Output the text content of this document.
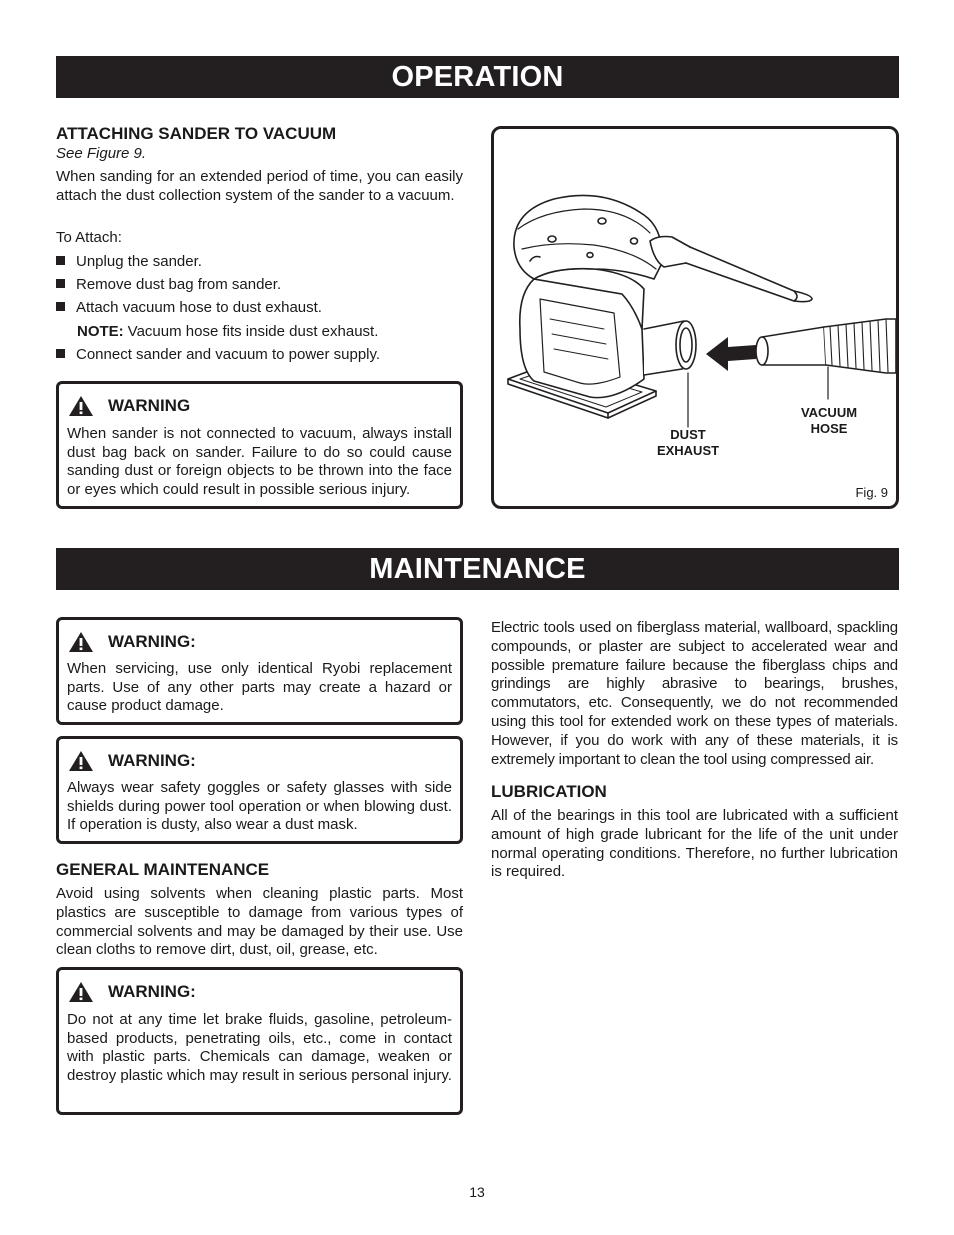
OPERATION
ATTACHING SANDER TO VACUUM
See Figure 9.
When sanding for an extended period of time, you can easily attach the dust collection system of the sander to a vacuum.
To Attach:
Unplug the sander.
Remove dust bag from sander.
Attach vacuum hose to dust exhaust.
NOTE: Vacuum hose fits inside dust exhaust.
Connect sander and vacuum to power supply.
WARNING
When sander is not connected to vacuum, always install dust bag back on sander. Failure to do so could cause sanding dust or foreign objects to be thrown into the face or eyes which could result in possible serious injury.
VACUUM
HOSE
DUST
EXHAUST
Fig. 9
MAINTENANCE
WARNING:
When servicing, use only identical Ryobi replacement parts. Use of any other parts may create a hazard or cause product damage.
WARNING:
Always wear safety goggles or safety glasses with side shields during power tool operation or when blowing dust. If operation is dusty, also wear a dust mask.
GENERAL MAINTENANCE
Avoid using solvents when cleaning plastic parts. Most plastics are susceptible to damage from various types of commercial solvents and may be damaged by their use. Use clean cloths to remove dirt, dust, oil, grease, etc.
WARNING:
Do not at any time let brake fluids, gasoline, petroleum-based products, penetrating oils, etc., come in contact with plastic parts. Chemicals can damage, weaken or destroy plastic which may result in serious personal injury.
Electric tools used on fiberglass material, wallboard, spackling compounds, or plaster are subject to accelerated wear and possible premature failure because the fiberglass chips and grindings are highly abrasive to bearings, brushes, commutators, etc. Consequently, we do not recommended using this tool for extended work on these types of materials. However, if you do work with any of these materials, it is extremely important to clean the tool using compressed air.
LUBRICATION
All of the bearings in this tool are lubricated with a sufficient amount of high grade lubricant for the life of the unit under normal operating conditions. Therefore, no further lubrication is required.
13
